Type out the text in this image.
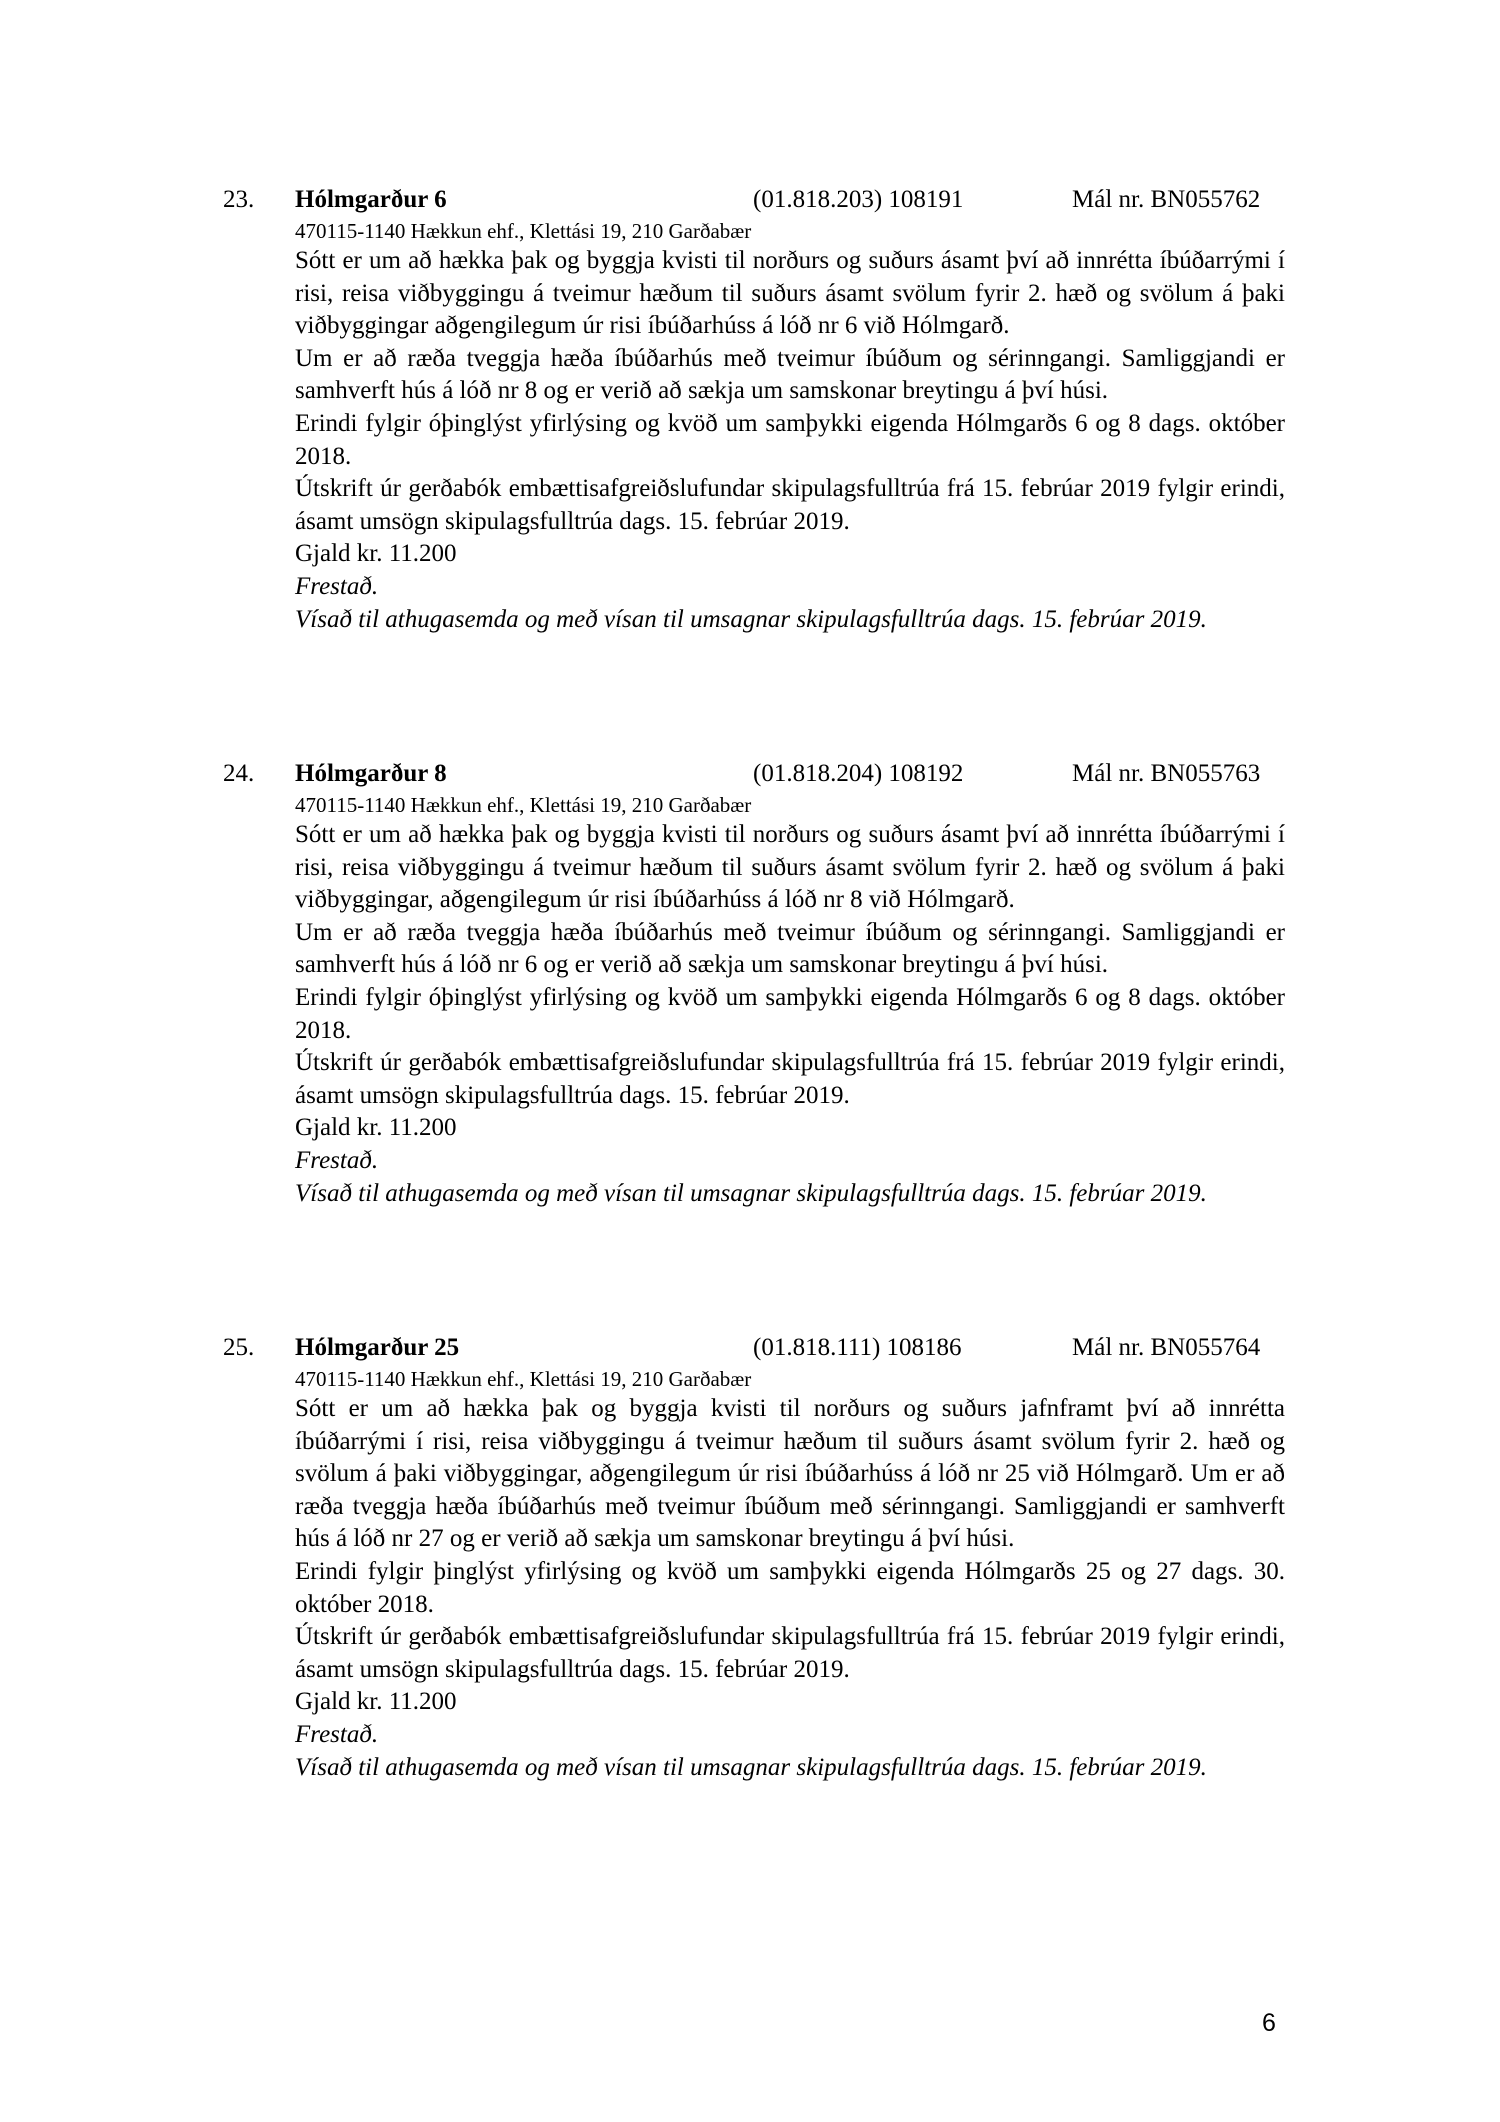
23. Hólmgarður 6	(01.818.203) 108191	Mál nr. BN055762
470115-1140 Hækkun ehf., Klettási 19, 210 Garðabær

Sótt er um að hækka þak og byggja kvisti til norðurs og suðurs ásamt því að innrétta íbúðarrými í risi, reisa viðbyggingu á tveimur hæðum til suðurs ásamt svölum fyrir 2. hæð og svölum á þaki viðbyggingar aðgengilegum úr risi íbúðarhúss á lóð nr 6 við Hólmgarð.

Um er að ræða tveggja hæða íbúðarhús með tveimur íbúðum og sérinngangi. Samliggjandi er samhverft hús á lóð nr 8 og er verið að sækja um samskonar breytingu á því húsi.

Erindi fylgir óþinglýst yfirlýsing og kvöð um samþykki eigenda Hólmgarðs 6 og 8 dags. október 2018.

Útskrift úr gerðabók embættisafgreiðslufundar skipulagsfulltrúa frá 15. febrúar 2019 fylgir erindi, ásamt umsögn skipulagsfulltrúa dags. 15. febrúar 2019.

Gjald kr. 11.200

Frestað.

Vísað til athugasemda og með vísan til umsagnar skipulagsfulltrúa dags. 15. febrúar 2019.

24. Hólmgarður 8	(01.818.204) 108192	Mál nr. BN055763
470115-1140 Hækkun ehf., Klettási 19, 210 Garðabær

Sótt er um að hækka þak og byggja kvisti til norðurs og suðurs ásamt því að innrétta íbúðarrými í risi, reisa viðbyggingu á tveimur hæðum til suðurs ásamt svölum fyrir 2. hæð og svölum á þaki viðbyggingar, aðgengilegum úr risi íbúðarhúss á lóð nr 8 við Hólmgarð.

Um er að ræða tveggja hæða íbúðarhús með tveimur íbúðum og sérinngangi. Samliggjandi er samhverft hús á lóð nr 6 og er verið að sækja um samskonar breytingu á því húsi.

Erindi fylgir óþinglýst yfirlýsing og kvöð um samþykki eigenda Hólmgarðs 6 og 8 dags. október 2018.

Útskrift úr gerðabók embættisafgreiðslufundar skipulagsfulltrúa frá 15. febrúar 2019 fylgir erindi, ásamt umsögn skipulagsfulltrúa dags. 15. febrúar 2019.

Gjald kr. 11.200

Frestað.

Vísað til athugasemda og með vísan til umsagnar skipulagsfulltrúa dags. 15. febrúar 2019.

25. Hólmgarður 25	(01.818.111) 108186	Mál nr. BN055764
470115-1140 Hækkun ehf., Klettási 19, 210 Garðabær

Sótt er um að hækka þak og byggja kvisti til norðurs og suðurs jafnframt því að innrétta íbúðarrými í risi, reisa viðbyggingu á tveimur hæðum til suðurs ásamt svölum fyrir 2. hæð og svölum á þaki viðbyggingar, aðgengilegum úr risi íbúðarhúss á lóð nr 25 við Hólmgarð. Um er að ræða tveggja hæða íbúðarhús með tveimur íbúðum með sérinngangi. Samliggjandi er samhverft hús á lóð nr 27 og er verið að sækja um samskonar breytingu á því húsi.

Erindi fylgir þinglýst yfirlýsing og kvöð um samþykki eigenda Hólmgarðs 25 og 27 dags. 30. október 2018.

Útskrift úr gerðabók embættisafgreiðslufundar skipulagsfulltrúa frá 15. febrúar 2019 fylgir erindi, ásamt umsögn skipulagsfulltrúa dags. 15. febrúar 2019.

Gjald kr. 11.200

Frestað.

Vísað til athugasemda og með vísan til umsagnar skipulagsfulltrúa dags. 15. febrúar 2019.

6
